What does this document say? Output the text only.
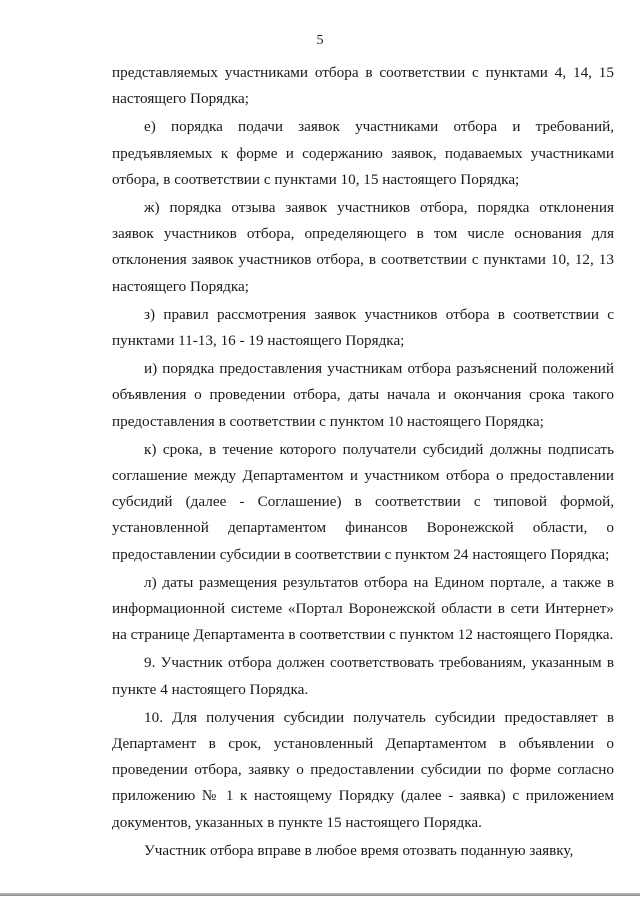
5

представляемых участниками отбора в соответствии с пунктами 4, 14, 15 настоящего Порядка;

е) порядка подачи заявок участниками отбора и требований, предъявляемых к форме и содержанию заявок, подаваемых участниками отбора, в соответствии с пунктами 10, 15 настоящего Порядка;

ж) порядка отзыва заявок участников отбора, порядка отклонения заявок участников отбора, определяющего в том числе основания для отклонения заявок участников отбора, в соответствии с пунктами 10, 12, 13 настоящего Порядка;

з) правил рассмотрения заявок участников отбора в соответствии с пунктами 11-13, 16 - 19 настоящего Порядка;

и) порядка предоставления участникам отбора разъяснений положений объявления о проведении отбора, даты начала и окончания срока такого предоставления в соответствии с пунктом 10 настоящего Порядка;

к) срока, в течение которого получатели субсидий должны подписать соглашение между Департаментом и участником отбора о предоставлении субсидий (далее - Соглашение) в соответствии с типовой формой, установленной департаментом финансов Воронежской области, о предоставлении субсидии в соответствии с пунктом 24 настоящего Порядка;

л) даты размещения результатов отбора на Едином портале, а также в информационной системе «Портал Воронежской области в сети Интернет» на странице Департамента в соответствии с пунктом 12 настоящего Порядка.

9. Участник отбора должен соответствовать требованиям, указанным в пункте 4 настоящего Порядка.

10. Для получения субсидии получатель субсидии предоставляет в Департамент в срок, установленный Департаментом в объявлении о проведении отбора, заявку о предоставлении субсидии по форме согласно приложению № 1 к настоящему Порядку (далее - заявка) с приложением документов, указанных в пункте 15 настоящего Порядка.

Участник отбора вправе в любое время отозвать поданную заявку,
